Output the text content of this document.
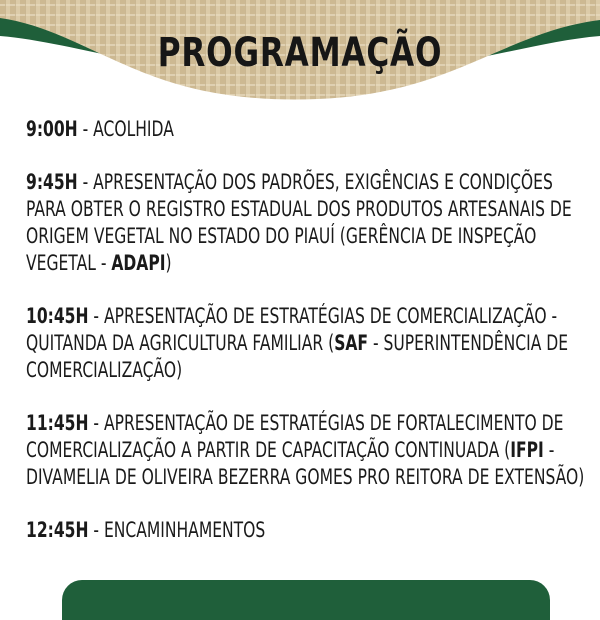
PROGRAMAÇÃO
9:00H - ACOLHIDA
9:45H - APRESENTAÇÃO DOS PADRÕES, EXIGÊNCIAS E CONDIÇÕES PARA OBTER O REGISTRO ESTADUAL DOS PRODUTOS ARTESANAIS DE ORIGEM VEGETAL NO ESTADO DO PIAUÍ (GERÊNCIA DE INSPEÇÃO VEGETAL - ADAPI)
10:45H - APRESENTAÇÃO DE ESTRATÉGIAS DE COMERCIALIZAÇÃO - QUITANDA DA AGRICULTURA FAMILIAR (SAF - SUPERINTENDÊNCIA DE COMERCIALIZAÇÃO)
11:45H - APRESENTAÇÃO DE ESTRATÉGIAS DE FORTALECIMENTO DE COMERCIALIZAÇÃO A PARTIR DE CAPACITAÇÃO CONTINUADA (IFPI - DIVAMELIA DE OLIVEIRA BEZERRA GOMES PRO REITORA DE EXTENSÃO)
12:45H - ENCAMINHAMENTOS
